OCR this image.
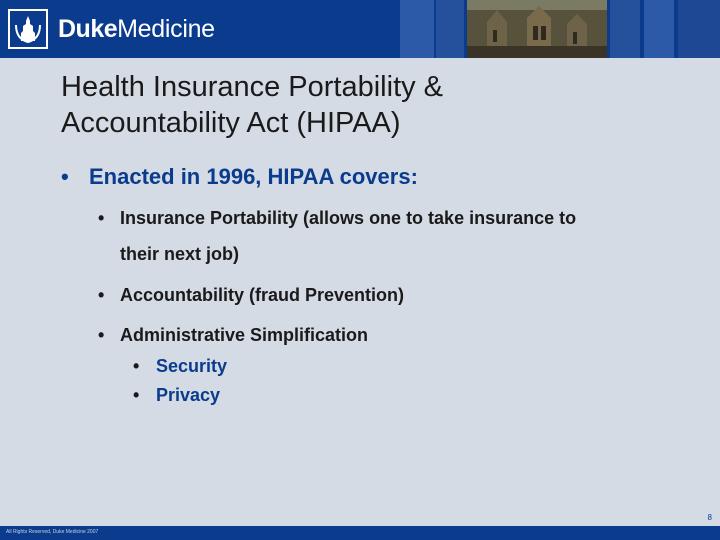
DukeMedicine
Health Insurance Portability &
Accountability Act (HIPAA)
• Enacted in 1996, HIPAA covers:
• Insurance Portability (allows one to take insurance to
their next job)
• Accountability (fraud Prevention)
• Administrative Simplification
• Security
• Privacy
8
All Rights Reserved, Duke Medicine 2007
